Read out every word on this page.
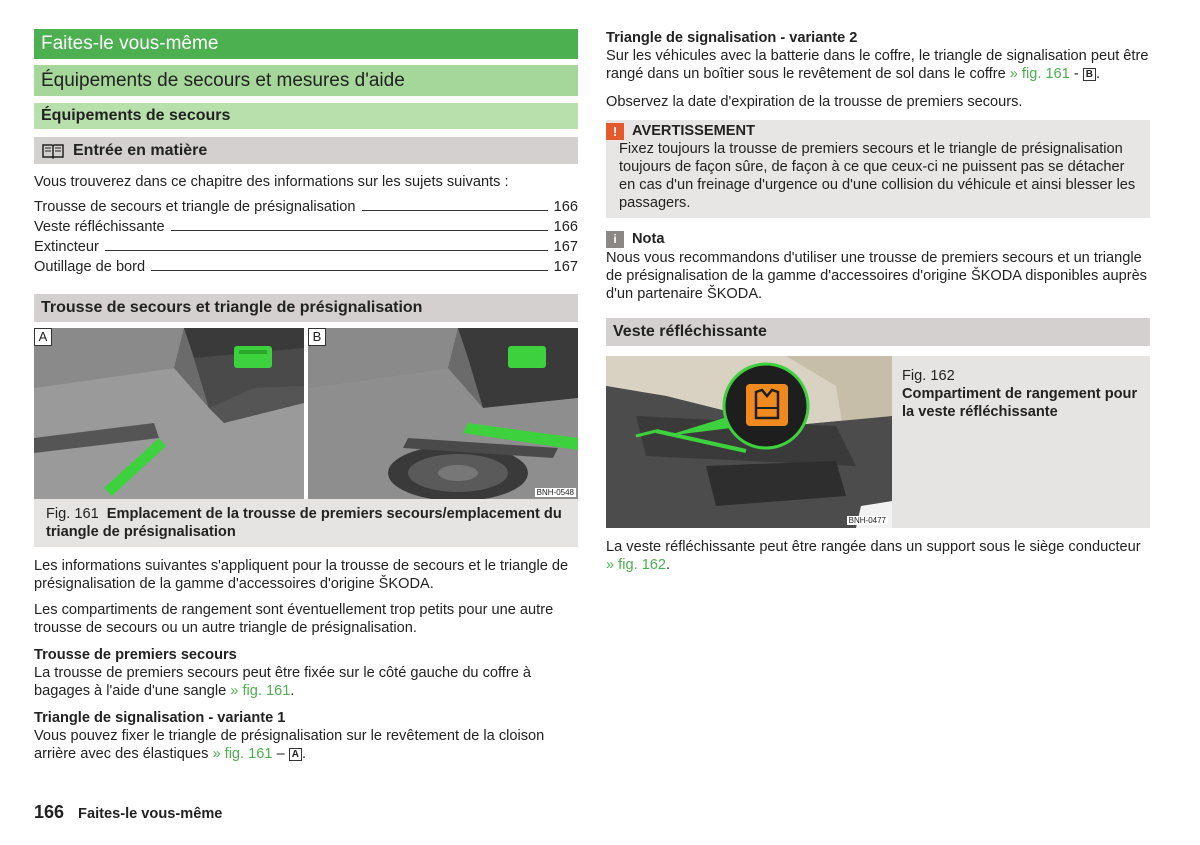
Faites-le vous-même
Équipements de secours et mesures d'aide
Équipements de secours
Entrée en matière

Vous trouverez dans ce chapitre des informations sur les sujets suivants :

Trousse de secours et triangle de présignalisation	166
Veste réfléchissante	166
Extincteur	167
Outillage de bord	167
Trousse de secours et triangle de présignalisation
A	B
BNH-0548
Fig. 161 Emplacement de la trousse de premiers secours/emplacement du triangle de présignalisation

Les informations suivantes s'appliquent pour la trousse de secours et le triangle de présignalisation de la gamme d'accessoires d'origine ŠKODA.

Les compartiments de rangement sont éventuellement trop petits pour une autre trousse de secours ou un autre triangle de présignalisation.

Trousse de premiers secours

La trousse de premiers secours peut être fixée sur le côté gauche du coffre à bagages à l'aide d'une sangle » fig. 161.

Triangle de signalisation - variante 1

Vous pouvez fixer le triangle de présignalisation sur le revêtement de la cloison arrière avec des élastiques » fig. 161 – A .

Triangle de signalisation - variante 2

Sur les véhicules avec la batterie dans le coffre, le triangle de signalisation peut être rangé dans un boîtier sous le revêtement de sol dans le coffre » fig. 161 - B .

Observez la date d'expiration de la trousse de premiers secours.

!	AVERTISSEMENT

Fixez toujours la trousse de premiers secours et le triangle de présignalisation toujours de façon sûre, de façon à ce que ceux-ci ne puissent pas se détacher en cas d'un freinage d'urgence ou d'une collision du véhicule et ainsi blesser les passagers.

i	Nota

Nous vous recommandons d'utiliser une trousse de premiers secours et un triangle de présignalisation de la gamme d'accessoires d'origine ŠKODA disponibles auprès d'un partenaire ŠKODA.

Veste réfléchissante
BNH-0477

Fig. 162

Compartiment de rangement pour la veste réfléchissante

La veste réfléchissante peut être rangée dans un support sous le siège conducteur » fig. 162.

166 Faites-le vous-même
